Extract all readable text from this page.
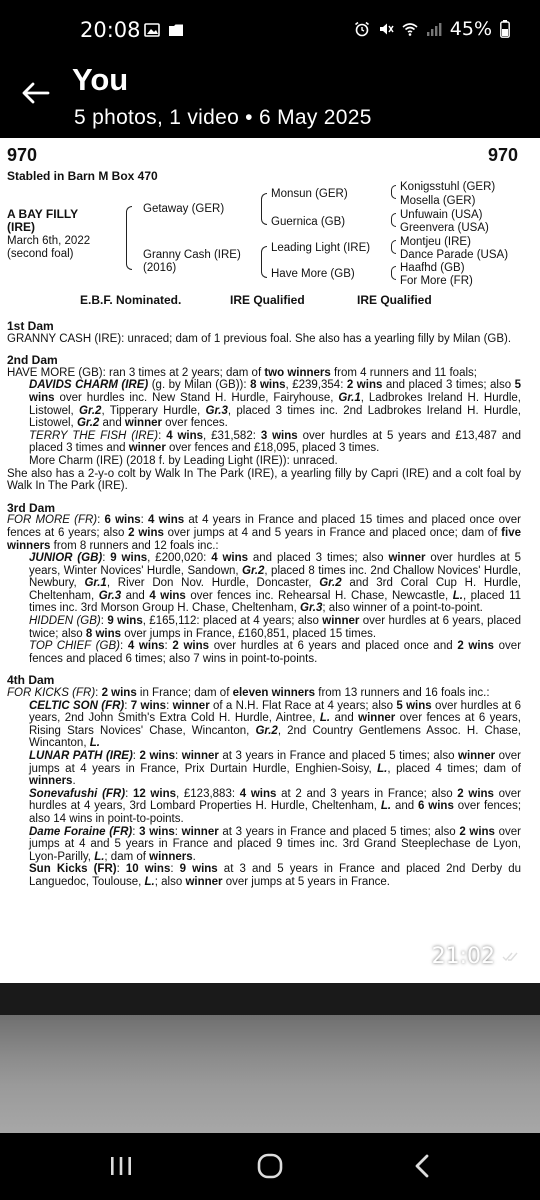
20:08	45%
You
5 photos, 1 video • 6 May 2025
970	970
Stabled in Barn M Box 470
A BAY FILLY
(IRE)
March 6th, 2022
(second foal)
Getaway (GER)
Granny Cash (IRE)
(2016)
Monsun (GER)
Guernica (GB)
Leading Light (IRE)
Have More (GB)
Konigsstuhl (GER)
Mosella (GER)
Unfuwain (USA)
Greenvera (USA)
Montjeu (IRE)
Dance Parade (USA)
Haafhd (GB)
For More (FR)
E.B.F. Nominated.	IRE Qualified	IRE Qualified
1st Dam

GRANNY CASH (IRE): unraced; dam of 1 previous foal. She also has a yearling filly by Milan (GB).

2nd Dam

HAVE MORE (GB): ran 3 times at 2 years; dam of two winners from 4 runners and 11 foals;

DAVIDS CHARM (IRE) (g. by Milan (GB)): 8 wins, £239,354: 2 wins and placed 3 times; also 5 wins over hurdles inc. New Stand H. Hurdle, Fairyhouse, Gr.1, Ladbrokes Ireland H. Hurdle, Listowel, Gr.2, Tipperary Hurdle, Gr.3, placed 3 times inc. 2nd Ladbrokes Ireland H. Hurdle, Listowel, Gr.2 and winner over fences.

TERRY THE FISH (IRE): 4 wins, £31,582: 3 wins over hurdles at 5 years and £13,487 and placed 3 times and winner over fences and £18,095, placed 3 times.

More Charm (IRE) (2018 f. by Leading Light (IRE)): unraced.

She also has a 2-y-o colt by Walk In The Park (IRE), a yearling filly by Capri (IRE) and a colt foal by Walk In The Park (IRE).

3rd Dam

FOR MORE (FR): 6 wins: 4 wins at 4 years in France and placed 15 times and placed once over fences at 6 years; also 2 wins over jumps at 4 and 5 years in France and placed once; dam of five winners from 8 runners and 12 foals inc.:

JUNIOR (GB): 9 wins, £200,020: 4 wins and placed 3 times; also winner over hurdles at 5 years, Winter Novices' Hurdle, Sandown, Gr.2, placed 8 times inc. 2nd Challow Novices' Hurdle, Newbury, Gr.1, River Don Nov. Hurdle, Doncaster, Gr.2 and 3rd Coral Cup H. Hurdle, Cheltenham, Gr.3 and 4 wins over fences inc. Rehearsal H. Chase, Newcastle, L., placed 11 times inc. 3rd Morson Group H. Chase, Cheltenham, Gr.3; also winner of a point-to-point.

HIDDEN (GB): 9 wins, £165,112: placed at 4 years; also winner over hurdles at 6 years, placed twice; also 8 wins over jumps in France, £160,851, placed 15 times.

TOP CHIEF (GB): 4 wins: 2 wins over hurdles at 6 years and placed once and 2 wins over fences and placed 6 times; also 7 wins in point-to-points.

4th Dam

FOR KICKS (FR): 2 wins in France; dam of eleven winners from 13 runners and 16 foals inc.:

CELTIC SON (FR): 7 wins: winner of a N.H. Flat Race at 4 years; also 5 wins over hurdles at 6 years, 2nd John Smith's Extra Cold H. Hurdle, Aintree, L. and winner over fences at 6 years, Rising Stars Novices' Chase, Wincanton, Gr.2, 2nd Country Gentlemens Assoc. H. Chase, Wincanton, L.

LUNAR PATH (IRE): 2 wins: winner at 3 years in France and placed 5 times; also winner over jumps at 4 years in France, Prix Durtain Hurdle, Enghien-Soisy, L., placed 4 times; dam of winners.

Sonevafushi (FR): 12 wins, £123,883: 4 wins at 2 and 3 years in France; also 2 wins over hurdles at 4 years, 3rd Lombard Properties H. Hurdle, Cheltenham, L. and 6 wins over fences; also 14 wins in point-to-points.

Dame Foraine (FR): 3 wins: winner at 3 years in France and placed 5 times; also 2 wins over jumps at 4 and 5 years in France and placed 9 times inc. 3rd Grand Steeplechase de Lyon, Lyon-Parilly, L.; dam of winners.

Sun Kicks (FR): 10 wins: 9 wins at 3 and 5 years in France and placed 2nd Derby du Languedoc, Toulouse, L.; also winner over jumps at 5 years in France.

21:02
